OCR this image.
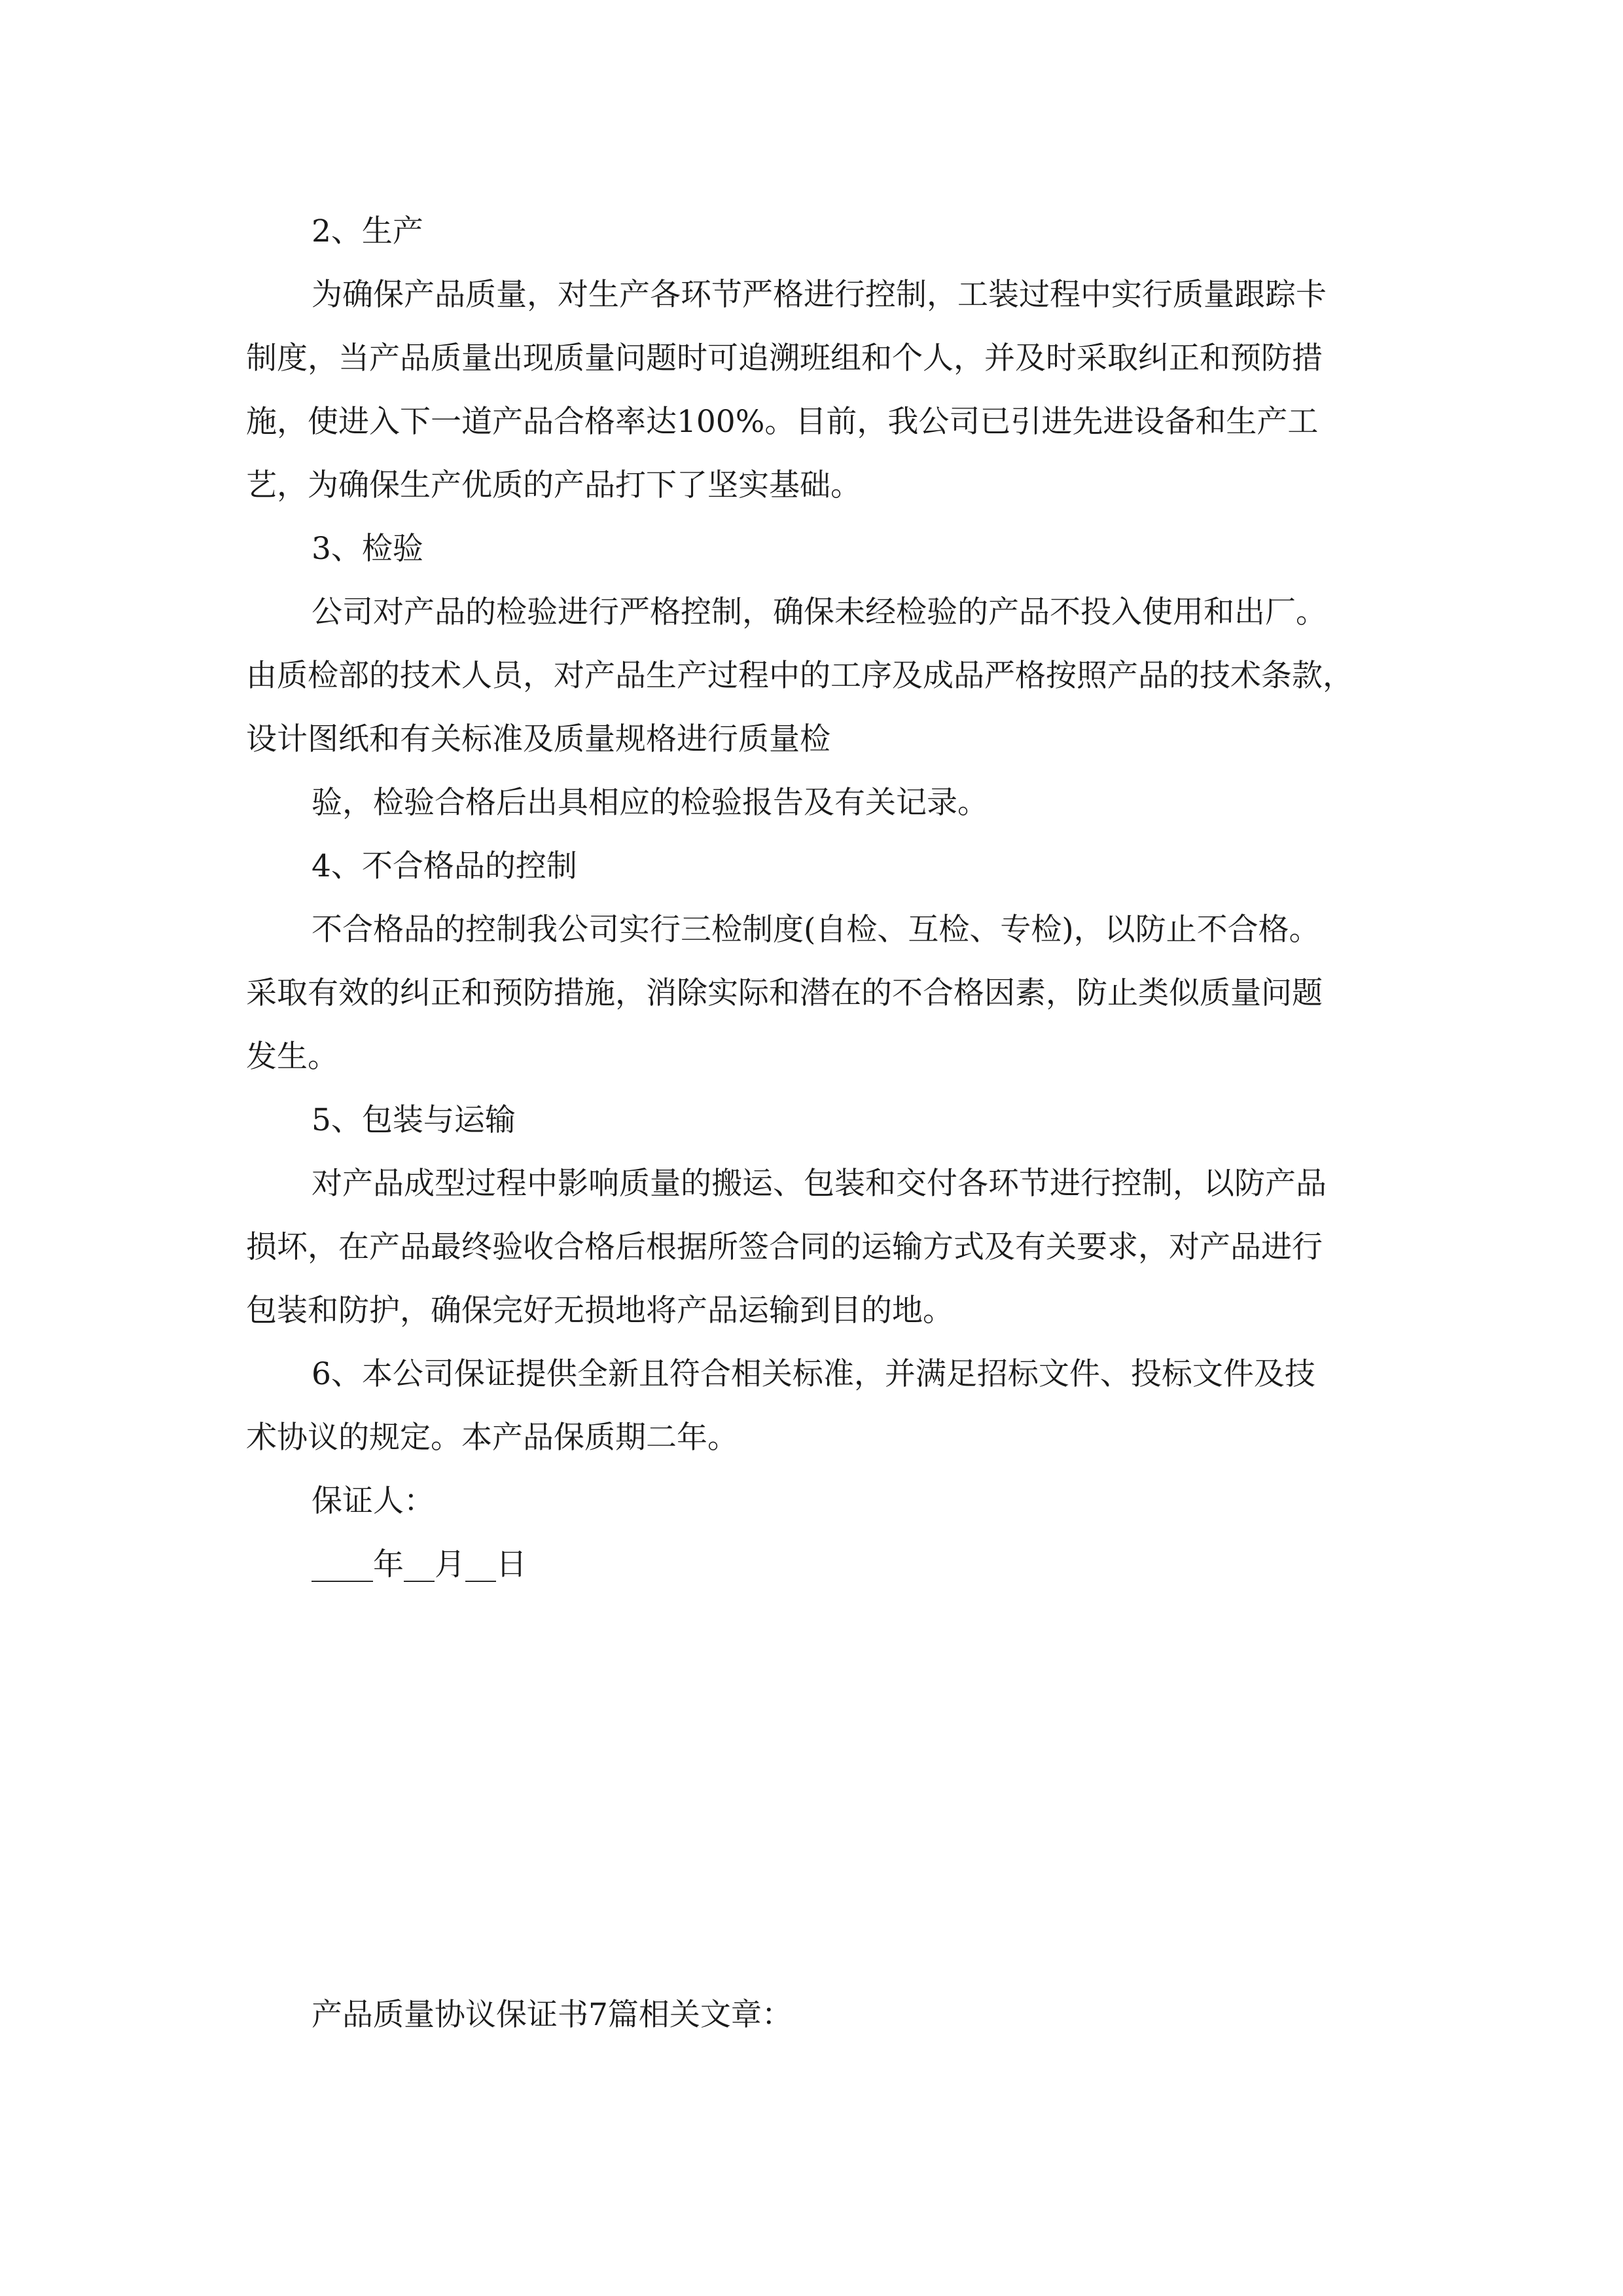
2、生产

为确保产品质量，对生产各环节严格进行控制，工装过程中实行质量跟踪卡

制度，当产品质量出现质量问题时可追溯班组和个人，并及时采取纠正和预防措

施，使进入下一道产品合格率达100%。目前，我公司已引进先进设备和生产工

艺，为确保生产优质的产品打下了坚实基础。

3、检验

公司对产品的检验进行严格控制，确保未经检验的产品不投入使用和出厂。

由质检部的技术人员，对产品生产过程中的工序及成品严格按照产品的技术条款，

设计图纸和有关标准及质量规格进行质量检

验，检验合格后出具相应的检验报告及有关记录。

4、不合格品的控制

不合格品的控制我公司实行三检制度(自检、互检、专检)，以防止不合格。

采取有效的纠正和预防措施，消除实际和潜在的不合格因素，防止类似质量问题

发生。

5、包装与运输

对产品成型过程中影响质量的搬运、包装和交付各环节进行控制，以防产品

损坏，在产品最终验收合格后根据所签合同的运输方式及有关要求，对产品进行

包装和防护，确保完好无损地将产品运输到目的地。

6、本公司保证提供全新且符合相关标准，并满足招标文件、投标文件及技

术协议的规定。本产品保质期二年。

保证人：

____年__月__日

产品质量协议保证书7篇相关文章：
